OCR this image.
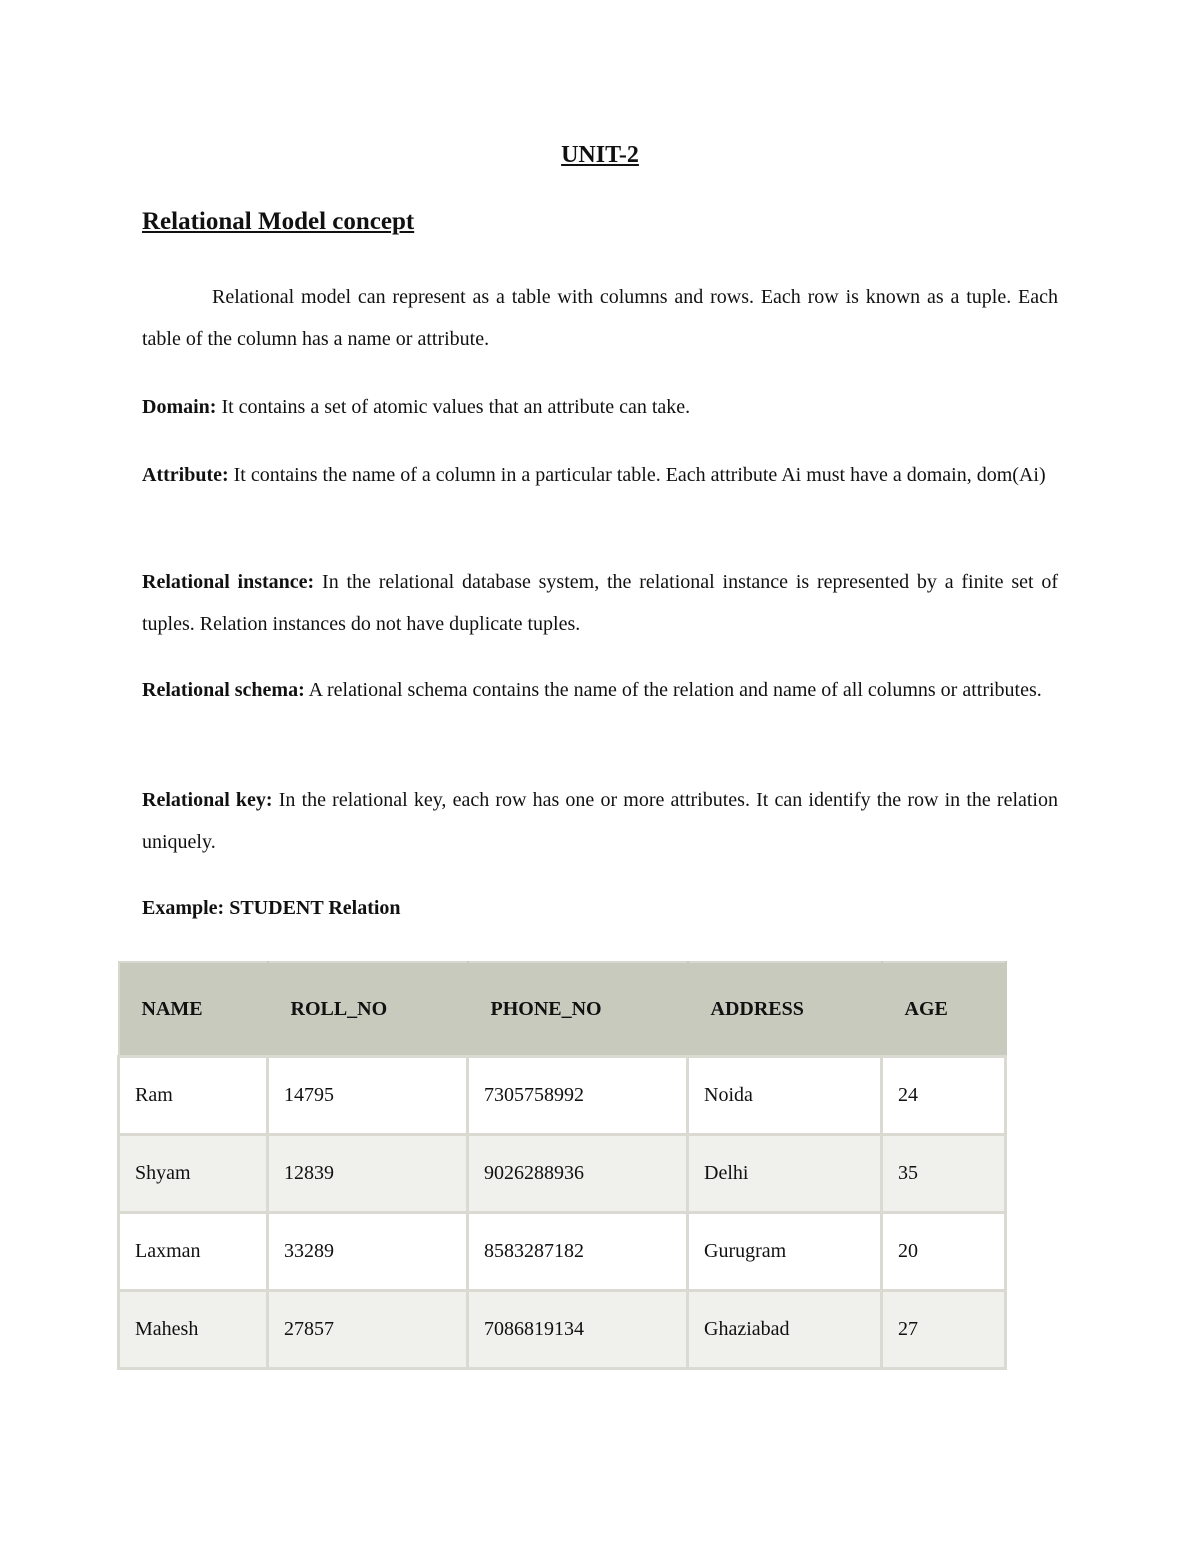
UNIT-2
Relational Model concept
Relational model can represent as a table with columns and rows. Each row is known as a tuple. Each table of the column has a name or attribute.
Domain: It contains a set of atomic values that an attribute can take.
Attribute: It contains the name of a column in a particular table. Each attribute Ai must have a domain, dom(Ai)
Relational instance: In the relational database system, the relational instance is represented by a finite set of tuples. Relation instances do not have duplicate tuples.
Relational schema: A relational schema contains the name of the relation and name of all columns or attributes.
Relational key: In the relational key, each row has one or more attributes. It can identify the row in the relation uniquely.
Example: STUDENT Relation
NAME	ROLL_NO	PHONE_NO	ADDRESS	AGE
Ram	14795	7305758992	Noida	24
Shyam	12839	9026288936	Delhi	35
Laxman	33289	8583287182	Gurugram	20
Mahesh	27857	7086819134	Ghaziabad	27
